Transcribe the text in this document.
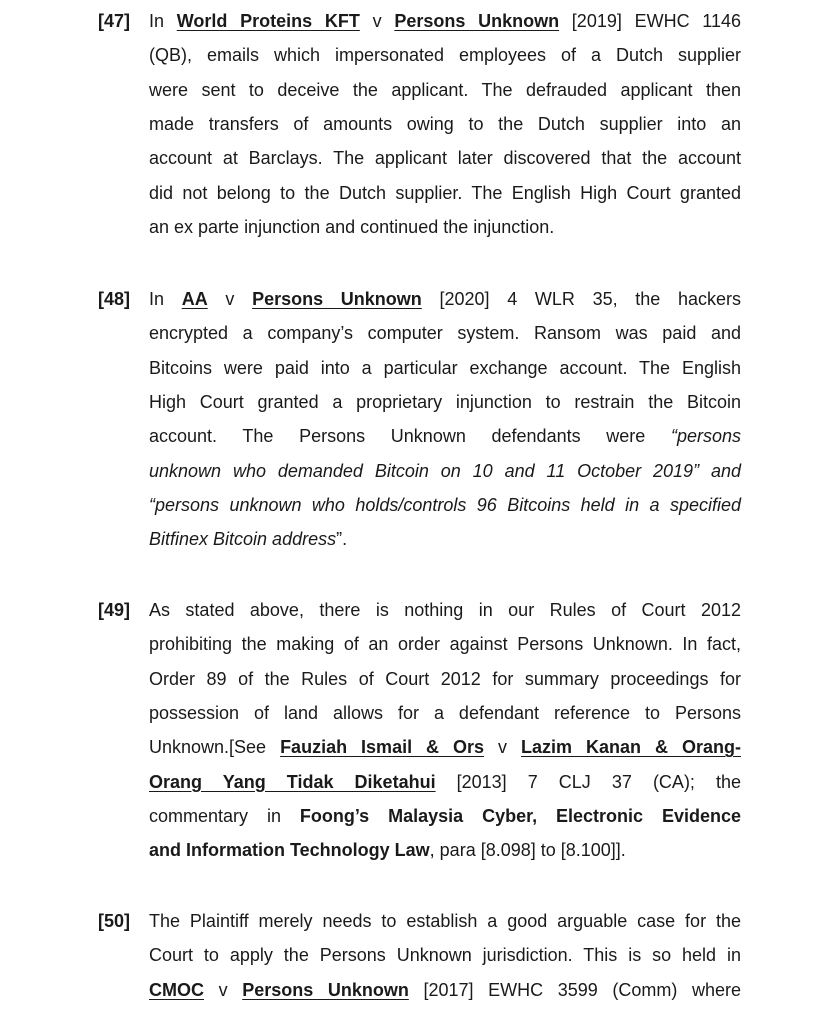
[47] In World Proteins KFT v Persons Unknown [2019] EWHC 1146
(QB), emails which impersonated employees of a Dutch supplier
were sent to deceive the applicant. The defrauded applicant then
made transfers of amounts owing to the Dutch supplier into an
account at Barclays. The applicant later discovered that the account
did not belong to the Dutch supplier. The English High Court granted
an ex parte injunction and continued the injunction.
[48] In AA v Persons Unknown [2020] 4 WLR 35, the hackers
encrypted a company’s computer system. Ransom was paid and
Bitcoins were paid into a particular exchange account. The English
High Court granted a proprietary injunction to restrain the Bitcoin
account. The Persons Unknown defendants were “persons
unknown who demanded Bitcoin on 10 and 11 October 2019” and
“persons unknown who holds/controls 96 Bitcoins held in a specified
Bitfinex Bitcoin address”.
[49] As stated above, there is nothing in our Rules of Court 2012
prohibiting the making of an order against Persons Unknown. In fact,
Order 89 of the Rules of Court 2012 for summary proceedings for
possession of land allows for a defendant reference to Persons
Unknown.[See Fauziah Ismail & Ors v Lazim Kanan & Orang-
Orang Yang Tidak Diketahui [2013] 7 CLJ 37 (CA); the
commentary in Foong’s Malaysia Cyber, Electronic Evidence
and Information Technology Law, para [8.098] to [8.100]].
[50] The Plaintiff merely needs to establish a good arguable case for the
Court to apply the Persons Unknown jurisdiction. This is so held in
CMOC v Persons Unknown [2017] EWHC 3599 (Comm) where
